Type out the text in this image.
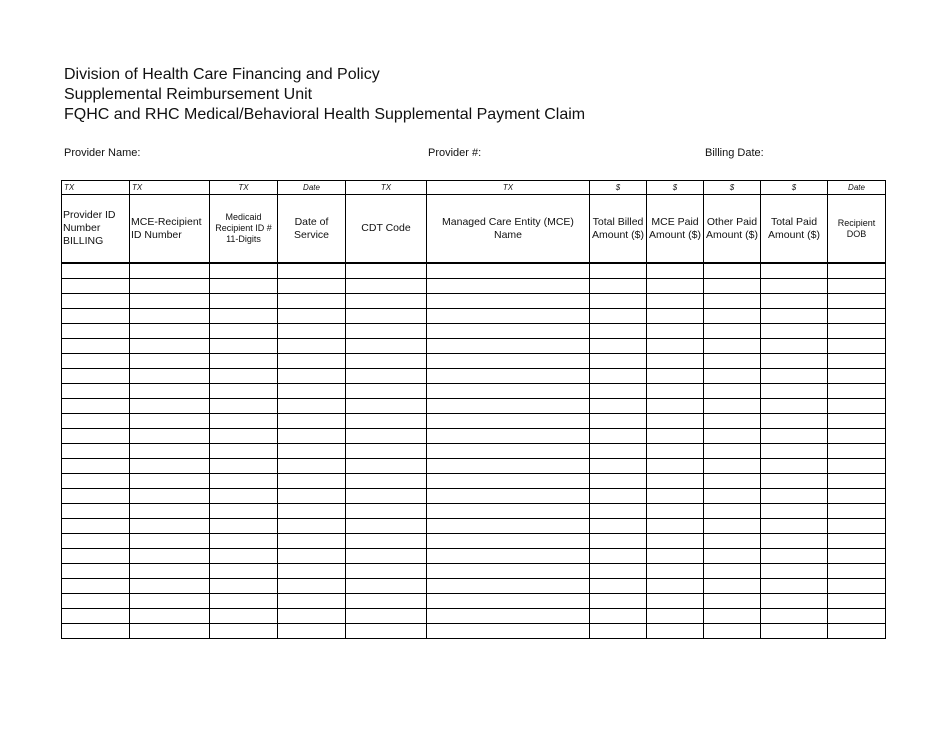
Division of Health Care Financing and Policy
Supplemental Reimbursement Unit
FQHC and RHC Medical/Behavioral Health Supplemental Payment Claim
Provider Name:	Provider #:	Billing Date:
TX	TX	TX	Date	TX	TX	$	$	$	$	Date
Provider ID Number BILLING	MCE-Recipient ID Number	Medicaid Recipient ID # 11-Digits	Date of Service	CDT Code	Managed Care Entity (MCE) Name	Total Billed Amount ($)	MCE Paid Amount ($)	Other Paid Amount ($)	Total Paid Amount ($)	Recipient DOB
